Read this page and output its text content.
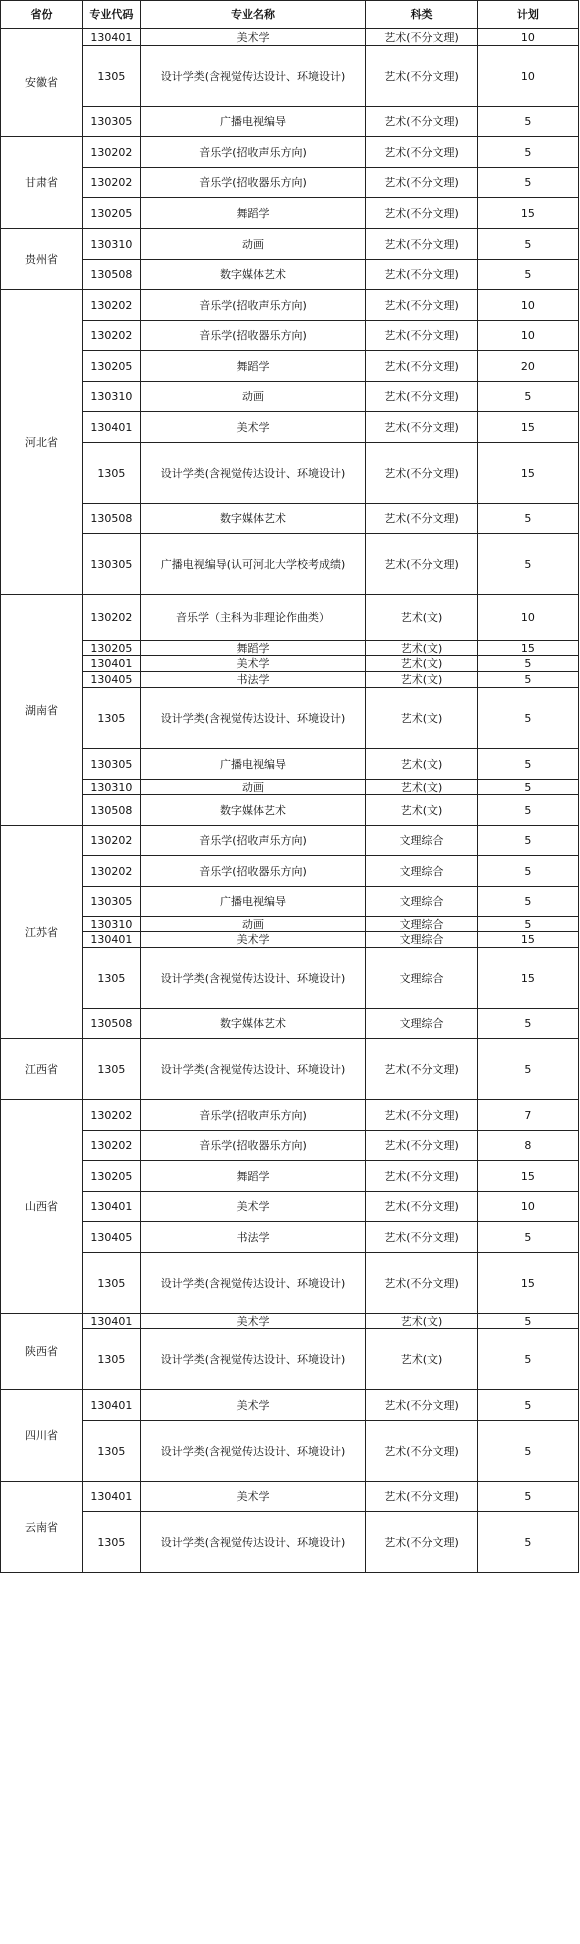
省份	专业代码	专业名称	科类	计划
安徽省	130401	美术学	艺术(不分文理)	10
	1305	设计学类(含视觉传达设计、环境设计)	艺术(不分文理)	10
	130305	广播电视编导	艺术(不分文理)	5
甘肃省	130202	音乐学(招收声乐方向)	艺术(不分文理)	5
	130202	音乐学(招收器乐方向)	艺术(不分文理)	5
	130205	舞蹈学	艺术(不分文理)	15
贵州省	130310	动画	艺术(不分文理)	5
	130508	数字媒体艺术	艺术(不分文理)	5
河北省	130202	音乐学(招收声乐方向)	艺术(不分文理)	10
	130202	音乐学(招收器乐方向)	艺术(不分文理)	10
	130205	舞蹈学	艺术(不分文理)	20
	130310	动画	艺术(不分文理)	5
	130401	美术学	艺术(不分文理)	15
	1305	设计学类(含视觉传达设计、环境设计)	艺术(不分文理)	15
	130508	数字媒体艺术	艺术(不分文理)	5
	130305	广播电视编导(认可河北大学校考成绩)	艺术(不分文理)	5
湖南省	130202	音乐学（主科为非理论作曲类）	艺术(文)	10
	130205	舞蹈学	艺术(文)	15
	130401	美术学	艺术(文)	5
	130405	书法学	艺术(文)	5
	1305	设计学类(含视觉传达设计、环境设计)	艺术(文)	5
	130305	广播电视编导	艺术(文)	5
	130310	动画	艺术(文)	5
	130508	数字媒体艺术	艺术(文)	5
江苏省	130202	音乐学(招收声乐方向)	文理综合	5
	130202	音乐学(招收器乐方向)	文理综合	5
	130305	广播电视编导	文理综合	5
	130310	动画	文理综合	5
	130401	美术学	文理综合	15
	1305	设计学类(含视觉传达设计、环境设计)	文理综合	15
	130508	数字媒体艺术	文理综合	5
江西省	1305	设计学类(含视觉传达设计、环境设计)	艺术(不分文理)	5
山西省	130202	音乐学(招收声乐方向)	艺术(不分文理)	7
	130202	音乐学(招收器乐方向)	艺术(不分文理)	8
	130205	舞蹈学	艺术(不分文理)	15
	130401	美术学	艺术(不分文理)	10
	130405	书法学	艺术(不分文理)	5
	1305	设计学类(含视觉传达设计、环境设计)	艺术(不分文理)	15
陕西省	130401	美术学	艺术(文)	5
	1305	设计学类(含视觉传达设计、环境设计)	艺术(文)	5
四川省	130401	美术学	艺术(不分文理)	5
	1305	设计学类(含视觉传达设计、环境设计)	艺术(不分文理)	5
云南省	130401	美术学	艺术(不分文理)	5
	1305	设计学类(含视觉传达设计、环境设计)	艺术(不分文理)	5
